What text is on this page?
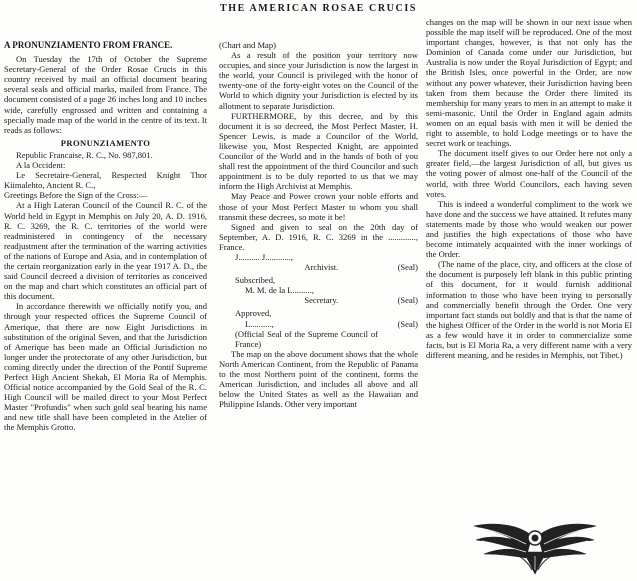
THE AMERICAN ROSAE CRUCIS

A PRONUNZIAMENTO FROM FRANCE.

On Tuesday the 17th of October the Supreme Secretary-General of the Order Rosae Crucis in this country received by mail an official document bearing several seals and official marks, mailed from France. The document consisted of a page 26 inches long and 10 inches wide, carefully engrossed and written and containing a specially made map of the world in the centre of its text. It reads as follows:

PRONUNZIAMENTO

Republic Francaise, R. C., No. 987,801.

A la Occident:

Le Secretaire-General, Respected Knight Thor Kiimalehto, Ancient R. C.,

Greetings Before the Sign of the Cross:—

At a High Lateran Council of the Council R. C. of the World held in Egypt in Memphis on July 20, A. D. 1916, R. C. 3269, the R. C. territories of the world were readministered in contingency of the necessary readjustment after the termination of the warring activities of the nations of Europe and Asia, and in contemplation of the certain reorganization early in the year 1917 A. D., the said Council decreed a division of territories as conceived on the map and chart which constitutes an official part of this document.

In accordance therewith we officially notify you, and through your respected offices the Supreme Council of Amerique, that there are now Eight Jurisdictions in substitution of the original Seven, and that the Jurisdiction of Amerique has been made an Official Jurisdiction no longer under the protectorate of any other Jurisdiction, but coming directly under the direction of the Pontif Supreme Perfect High Ancient Shekah, El Moria Ra of Memphis. Official notice accompanied by the Gold Seal of the R. C. High Council will be mailed direct to your Most Perfect Master "Profundis" when such gold seal bearing his name and new title shall have been completed in the Atelier of the Memphis Grotto.

(Chart and Map)

As a result of the position your territory now occupies, and since your Jurisdiction is now the largest in the world, your Council is privileged with the honor of twenty-one of the forty-eight votes on the Council of the World to which dignity your Jurisdiction is elected by its allotment to separate Jurisdiction.

FURTHERMORE, by this decree, and by this document it is so decreed, the Most Perfect Master, H. Spencer Lewis, is made a Councilor of the World, likewise you, Most Respected Knight, are appointed Councilor of the World and in the hands of both of you shall rest the appointment of the third Councilor and such appointment is to be duly reported to us that we may inform the High Archivist at Memphis.

May Peace and Power crown your noble efforts and those of your Most Perfect Master to whom you shall transmit these decrees, so mote it be!

Signed and given to seal on the 20th day of September, A. D. 1916, R. C. 3269 in the ............., France.

J.......... J............,

Archivist.	(Seal)

Subscribed,

M. M. de la L.........,

Secretary.	(Seal)

Approved,

L..........,	(Seal)

(Official Seal of the Supreme Council of France)

The map on the above document shows that the whole North American Continent, from the Republic of Panama to the most Northern point of the continent, forms the American Jurisdiction, and includes all above and all below the United States as well as the Hawaiian and Philippine Islands. Other very important

changes on the map will be shown in our next issue when possible the map itself will be reproduced. One of the most important changes, however, is that not only has the Dominion of Canada come under our Jurisdiction, but Australia is now under the Royal Jurisdiction of Egypt; and the British Isles, once powerful in the Order, are now without any power whatever, their Jurisdiction having been taken from them because the Order there limited its membership for many years to men in an attempt to make it semi-masonic. Until the Order in England again admits women on an equal basis with men it will be denied the right to assemble, to hold Lodge meetings or to have the secret work or teachings.

The document itself gives to our Order here not only a greater field,—the largest Jurisdiction of all, but gives us the voting power of almost one-half of the Council of the world, with three World Councilors, each having seven votes.

This is indeed a wonderful compliment to the work we have done and the success we have attained. It refutes many statements made by those who would weaken our power and justifies the high expectations of those who have become intimately acquainted with the inner workings of the Order.

(The name of the place, city, and officers at the close of the document is purposely left blank in this public printing of this document, for it would furnish additional information to those who have been trying to personally and commercially benefit through the Order. One very important fact stands out boldly and that is that the name of the highest Officer of the Order in the world is not Moria El as a few would have it in order to commercialize some facts, but is El Moria Ra, a very different name with a very different meaning, and he resides in Memphis, not Tibet.)
